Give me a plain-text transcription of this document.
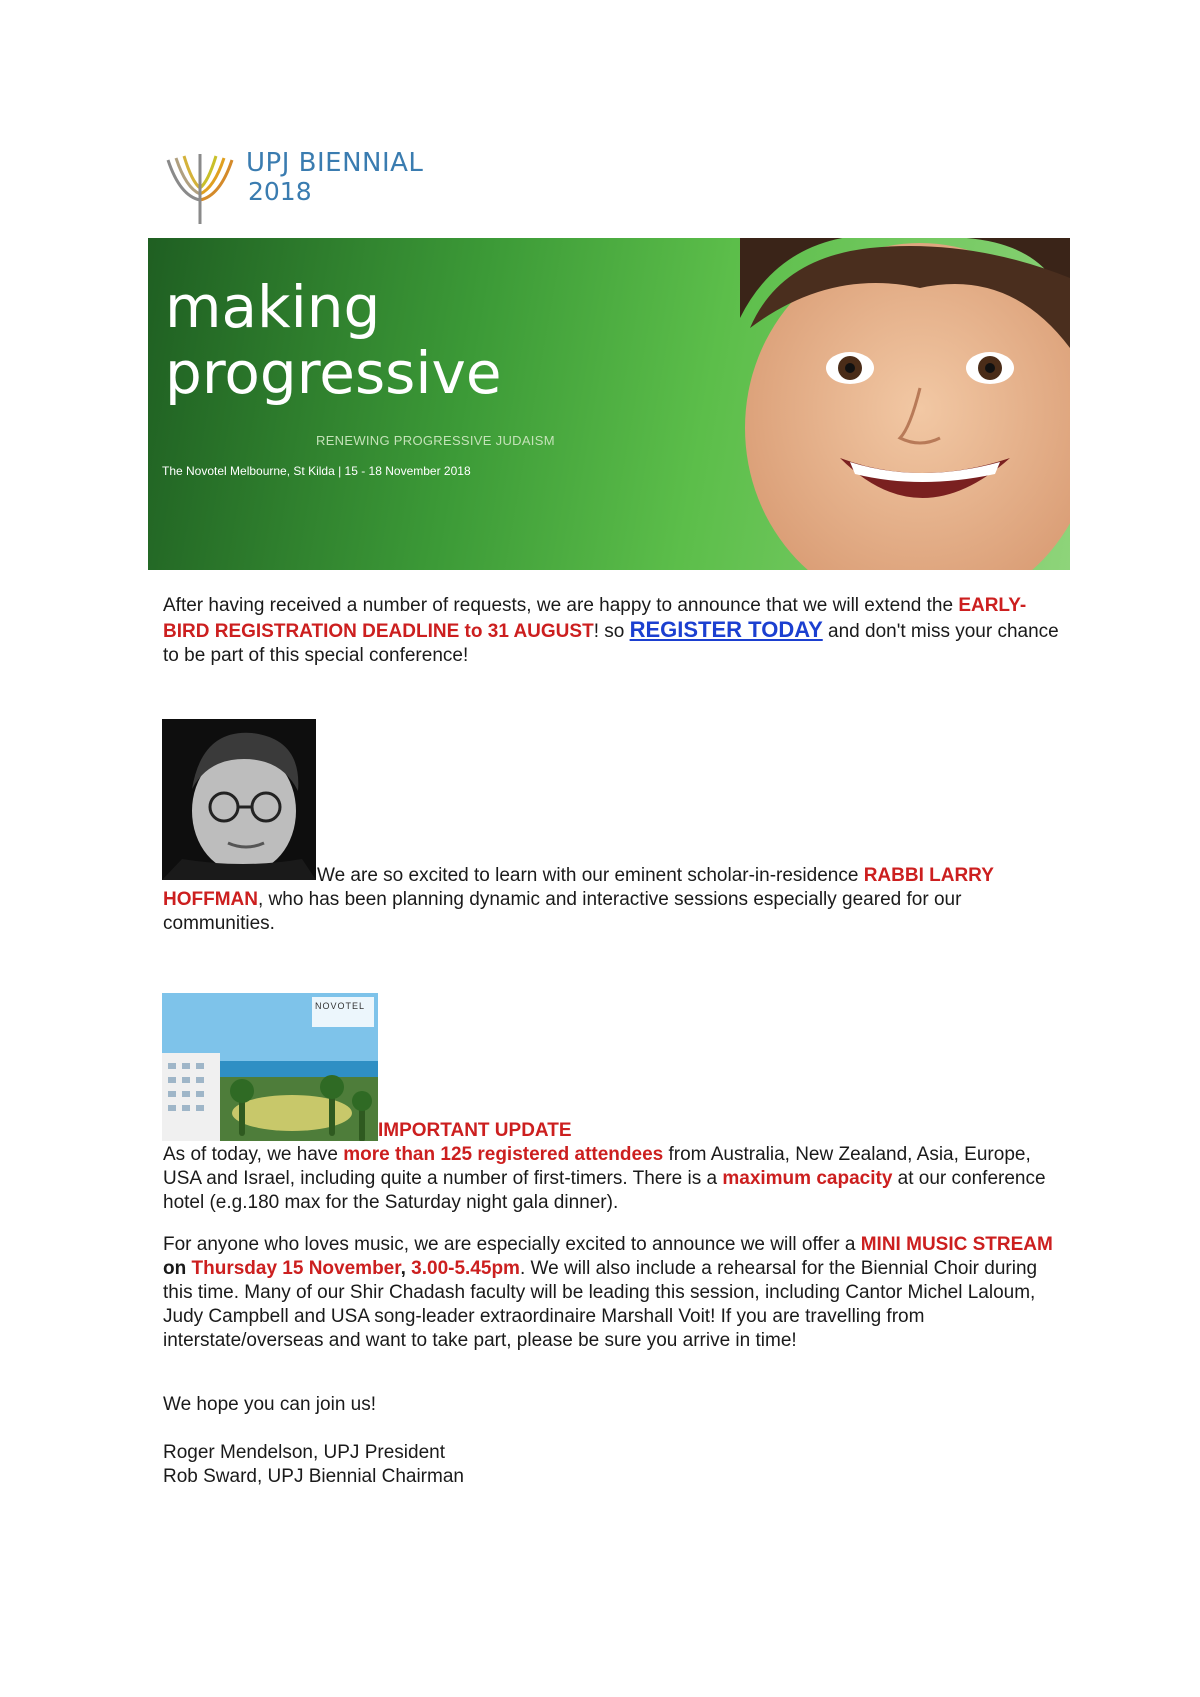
UPJ BIENNIAL
2018
making
progressive
RENEWING PROGRESSIVE JUDAISM
The Novotel Melbourne, St Kilda | 15 - 18 November 2018

After having received a number of requests, we are happy to announce that we will extend the EARLY-BIRD REGISTRATION DEADLINE to 31 AUGUST! so REGISTER TODAY and don't miss your chance to be part of this special conference!

We are so excited to learn with our eminent scholar-in-residence RABBI LARRY HOFFMAN, who has been planning dynamic and interactive sessions especially geared for our communities.

NOVOTEL
IMPORTANT UPDATE

As of today, we have more than 125 registered attendees from Australia, New Zealand, Asia, Europe, USA and Israel, including quite a number of first-timers. There is a maximum capacity at our conference hotel (e.g.180 max for the Saturday night gala dinner).

For anyone who loves music, we are especially excited to announce we will offer a MINI MUSIC STREAM on Thursday 15 November, 3.00-5.45pm. We will also include a rehearsal for the Biennial Choir during this time. Many of our Shir Chadash faculty will be leading this session, including Cantor Michel Laloum, Judy Campbell and USA song-leader extraordinaire Marshall Voit! If you are travelling from interstate/overseas and want to take part, please be sure you arrive in time!

We hope you can join us!

Roger Mendelson, UPJ President

Rob Sward, UPJ Biennial Chairman
